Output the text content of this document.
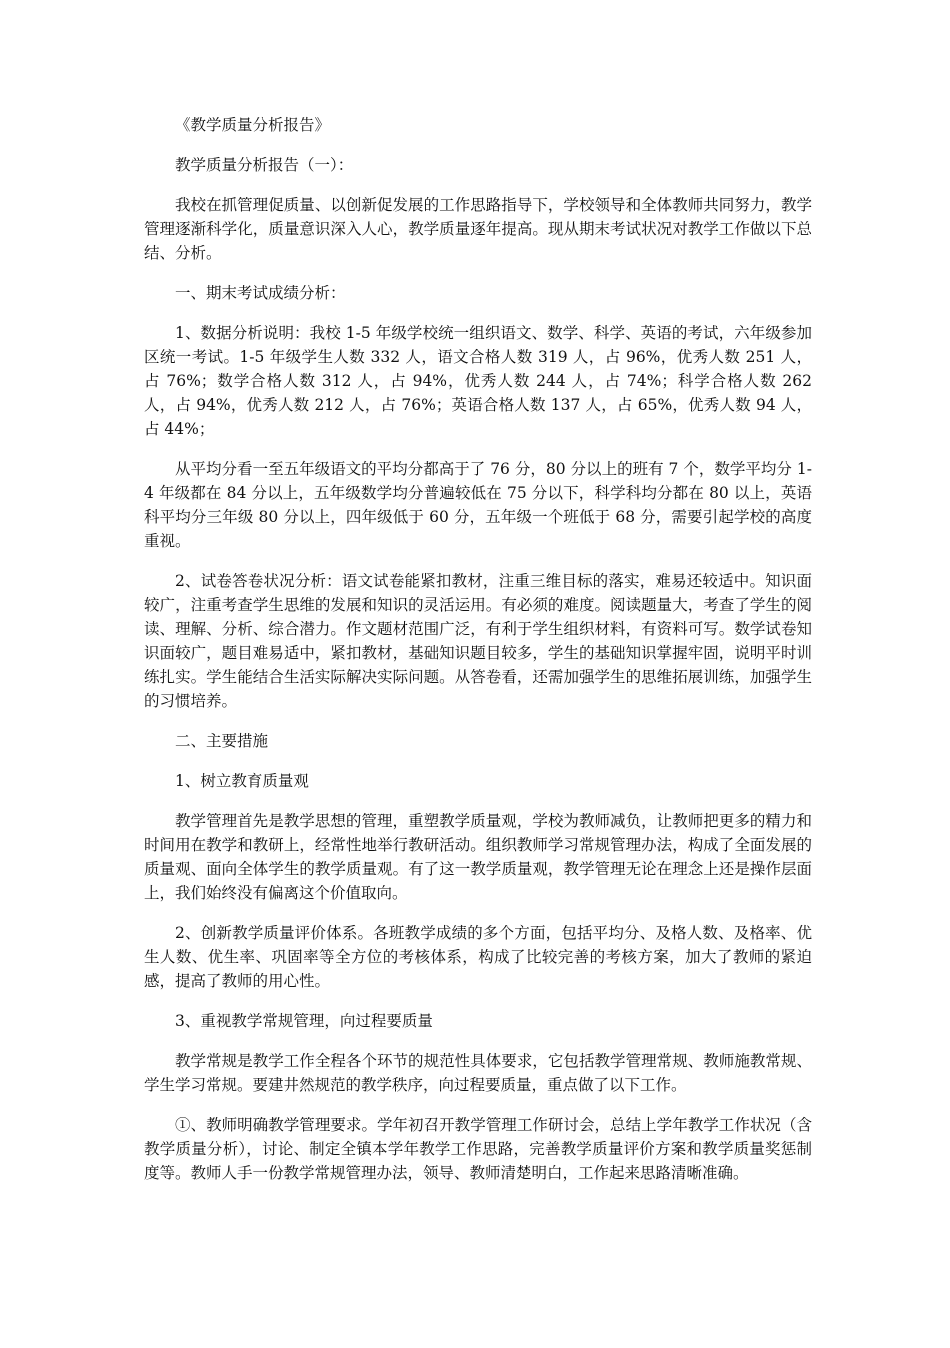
《教学质量分析报告》

教学质量分析报告（一）：

我校在抓管理促质量、以创新促发展的工作思路指导下，学校领导和全体教师共同努力，教学管理逐渐科学化，质量意识深入人心，教学质量逐年提高。现从期末考试状况对教学工作做以下总结、分析。

一、期末考试成绩分析：

1、数据分析说明：我校 1-5 年级学校统一组织语文、数学、科学、英语的考试，六年级参加区统一考试。1-5 年级学生人数 332 人，语文合格人数 319 人，占 96%，优秀人数 251 人，占 76%；数学合格人数 312 人，占 94%，优秀人数 244 人，占 74%；科学合格人数 262 人，占 94%，优秀人数 212 人，占 76%；英语合格人数 137 人，占 65%，优秀人数 94 人，占 44%；

从平均分看一至五年级语文的平均分都高于了 76 分，80 分以上的班有 7 个，数学平均分 1-4 年级都在 84 分以上，五年级数学均分普遍较低在 75 分以下，科学科均分都在 80 以上，英语科平均分三年级 80 分以上，四年级低于 60 分，五年级一个班低于 68 分，需要引起学校的高度重视。

2、试卷答卷状况分析：语文试卷能紧扣教材，注重三维目标的落实，难易还较适中。知识面较广，注重考查学生思维的发展和知识的灵活运用。有必须的难度。阅读题量大，考查了学生的阅读、理解、分析、综合潜力。作文题材范围广泛，有利于学生组织材料，有资料可写。数学试卷知识面较广，题目难易适中，紧扣教材，基础知识题目较多，学生的基础知识掌握牢固，说明平时训练扎实。学生能结合生活实际解决实际问题。从答卷看，还需加强学生的思维拓展训练，加强学生的习惯培养。

二、主要措施

1、树立教育质量观

教学管理首先是教学思想的管理，重塑教学质量观，学校为教师减负，让教师把更多的精力和时间用在教学和教研上，经常性地举行教研活动。组织教师学习常规管理办法，构成了全面发展的质量观、面向全体学生的教学质量观。有了这一教学质量观，教学管理无论在理念上还是操作层面上，我们始终没有偏离这个价值取向。

2、创新教学质量评价体系。各班教学成绩的多个方面，包括平均分、及格人数、及格率、优生人数、优生率、巩固率等全方位的考核体系，构成了比较完善的考核方案，加大了教师的紧迫感，提高了教师的用心性。

3、重视教学常规管理，向过程要质量

教学常规是教学工作全程各个环节的规范性具体要求，它包括教学管理常规、教师施教常规、学生学习常规。要建井然规范的教学秩序，向过程要质量，重点做了以下工作。

①、教师明确教学管理要求。学年初召开教学管理工作研讨会，总结上学年教学工作状况（含教学质量分析），讨论、制定全镇本学年教学工作思路，完善教学质量评价方案和教学质量奖惩制度等。教师人手一份教学常规管理办法，领导、教师清楚明白，工作起来思路清晰准确。
